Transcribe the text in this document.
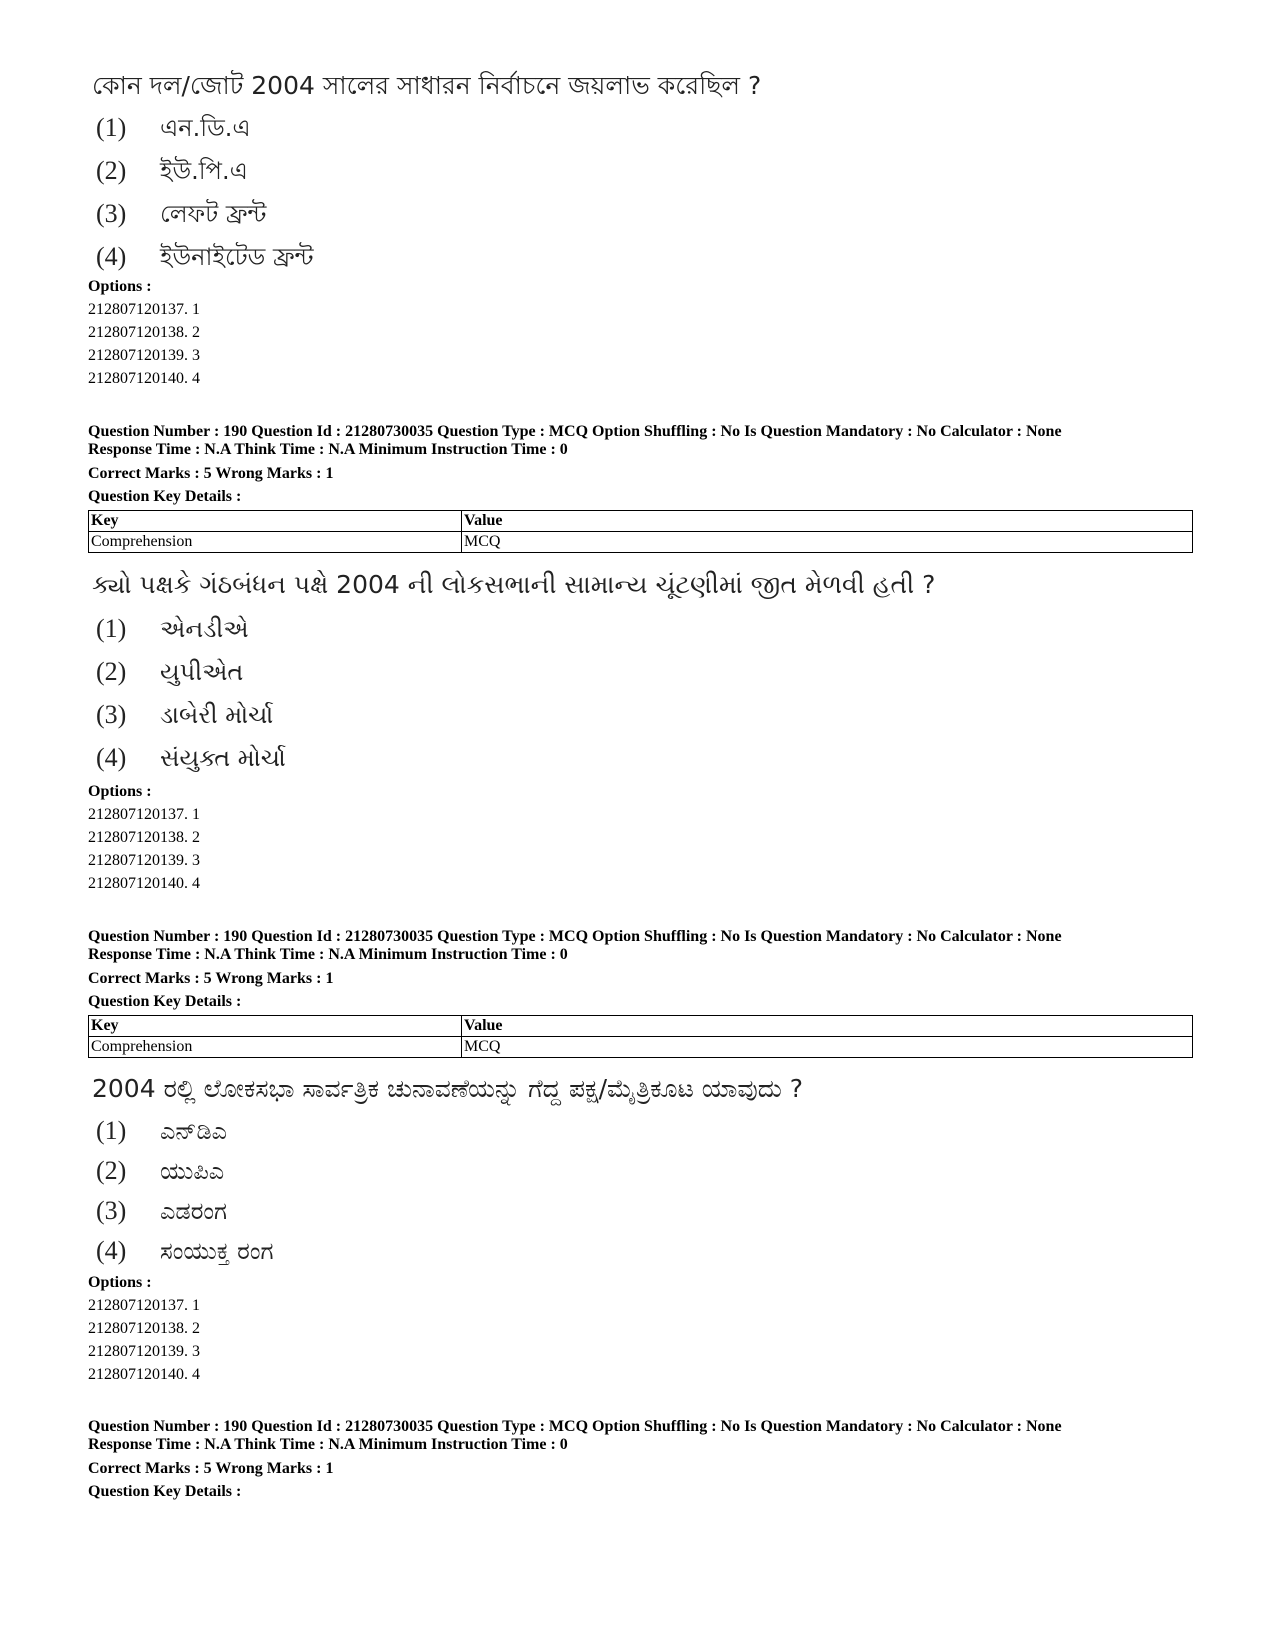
কোন দল/জোট 2004 সালের সাধারন নির্বাচনে জয়লাভ করেছিল ?
(1) এন.ডি.এ
(2) ইউ.পি.এ
(3) লেফট ফ্রন্ট
(4) ইউনাইটেড ফ্রন্ট
Options :
212807120137. 1
212807120138. 2
212807120139. 3
212807120140. 4
Question Number : 190 Question Id : 21280730035 Question Type : MCQ Option Shuffling : No Is Question Mandatory : No Calculator : None
Response Time : N.A Think Time : N.A Minimum Instruction Time : 0
Correct Marks : 5 Wrong Marks : 1
Question Key Details :
Key	Value
Comprehension	MCQ
ક્યો પક્ષકે ગંઠબંધન પક્ષે 2004 ની લોકસભાની સામાન્ય ચૂંટણીમાં જીત મેળવી હતી ?
(1) એનડીએ
(2) યુપીએત
(3) ડાબેરી મોર્ચા
(4) સંયુક્ત મોર્ચા
Options :
212807120137. 1
212807120138. 2
212807120139. 3
212807120140. 4
Question Number : 190 Question Id : 21280730035 Question Type : MCQ Option Shuffling : No Is Question Mandatory : No Calculator : None
Response Time : N.A Think Time : N.A Minimum Instruction Time : 0
Correct Marks : 5 Wrong Marks : 1
Question Key Details :
Key	Value
Comprehension	MCQ
2004 ರಲ್ಲಿ ಲೋಕಸಭಾ ಸಾರ್ವತ್ರಿಕ ಚುನಾವಣೆಯನ್ನು ಗೆದ್ದ ಪಕ್ಷ/ಮೈತ್ರಿಕೂಟ ಯಾವುದು ?
(1) ಎನ್‌ಡಿಎ
(2) ಯುಪಿಎ
(3) ಎಡರಂಗ
(4) ಸಂಯುಕ್ತ ರಂಗ
Options :
212807120137. 1
212807120138. 2
212807120139. 3
212807120140. 4
Question Number : 190 Question Id : 21280730035 Question Type : MCQ Option Shuffling : No Is Question Mandatory : No Calculator : None
Response Time : N.A Think Time : N.A Minimum Instruction Time : 0
Correct Marks : 5 Wrong Marks : 1
Question Key Details :
